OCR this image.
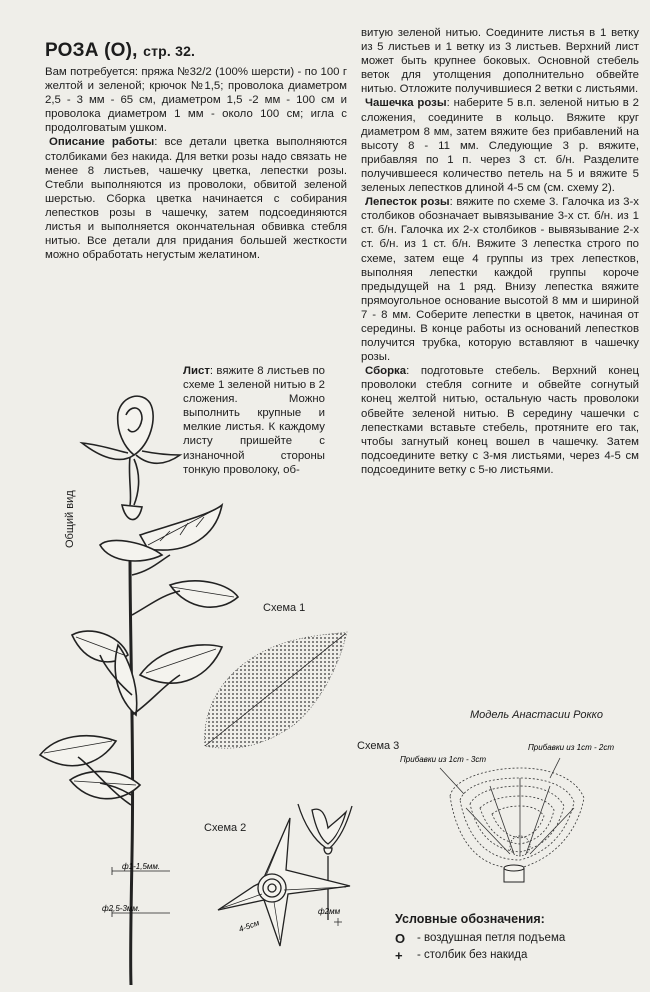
РОЗА (О), стр. 32.

Вам потребуется: пряжа №32/2 (100% шерсти) - по 100 г желтой и зеленой; крючок №1,5; проволока диаметром 2,5 - 3 мм - 65 см, диаметром 1,5 -2 мм - 100 см и проволока диаметром 1 мм - около 100 см; игла с продолговатым ушком.

Описание работы: все детали цветка выполняются столбиками без накида. Для ветки розы надо связать не менее 8 листьев, чашечку цветка, лепестки розы. Стебли выполняются из проволоки, обвитой зеленой шерстью. Сборка цветка начинается с собирания лепестков розы в чашечку, затем подсоединяются листья и выполняется окончательная обвивка стебля нитью. Все детали для придания большей жесткости можно обработать негустым желатином.

Лист: вяжите 8 листьев по схеме 1 зеленой нитью в 2 сложения. Можно выполнить крупные и мелкие листья. К каждому листу пришейте с изнаночной стороны тонкую проволоку, об-

витую зеленой нитью. Соедините листья в 1 ветку из 5 листьев и 1 ветку из 3 листьев. Верхний лист может быть крупнее боковых. Основной стебель веток для утолщения дополнительно обвейте нитью. Отложите получившиеся 2 ветки с листьями.

Чашечка розы: наберите 5 в.п. зеленой нитью в 2 сложения, соедините в кольцо. Вяжите круг диаметром 8 мм, затем вяжите без прибавлений на высоту 8 - 11 мм. Следующие 3 р. вяжите, прибавляя по 1 п. через 3 ст. б/н. Разделите получившееся количество петель на 5 и вяжите 5 зеленых лепестков длиной 4-5 см (см. схему 2).

Лепесток розы: вяжите по схеме 3. Галочка из 3-х столбиков обозначает вывязывание 3-х ст. б/н. из 1 ст. б/н. Галочка их 2-х столбиков - вывязывание 2-х ст. б/н. из 1 ст. б/н. Вяжите 3 лепестка строго по схеме, затем еще 4 группы из трех лепестков, выполняя лепестки каждой группы короче предыдущей на 1 ряд. Внизу лепестка вяжите прямоугольное основание высотой 8 мм и шириной 7 - 8 мм. Соберите лепестки в цветок, начиная от середины. В конце работы из оснований лепестков получится трубка, которую вставляют в чашечку розы.

Сборка: подготовьте стебель. Верхний конец проволоки стебля согните и обвейте согнутый конец желтой нитью, остальную часть проволоки обвейте зеленой нитью. В середину чашечки с лепестками вставьте стебель, протяните его так, чтобы загнутый конец вошел в чашечку. Затем подсоедините ветку с 3-мя листьями, через 4-5 см подсоедините ветку с 5-ю листьями.

Модель Анастасии Рокко
ф1-1,5мм.
ф2,5-3мм.
Общий вид
Схема 1
Схема 2
ф2мм
4-5см
Схема 3
Прибавки из 1ст - 3ст
Прибавки из 1ст - 2ст
Условные обозначения:
О	- воздушная петля подъема
+	- столбик без накида
